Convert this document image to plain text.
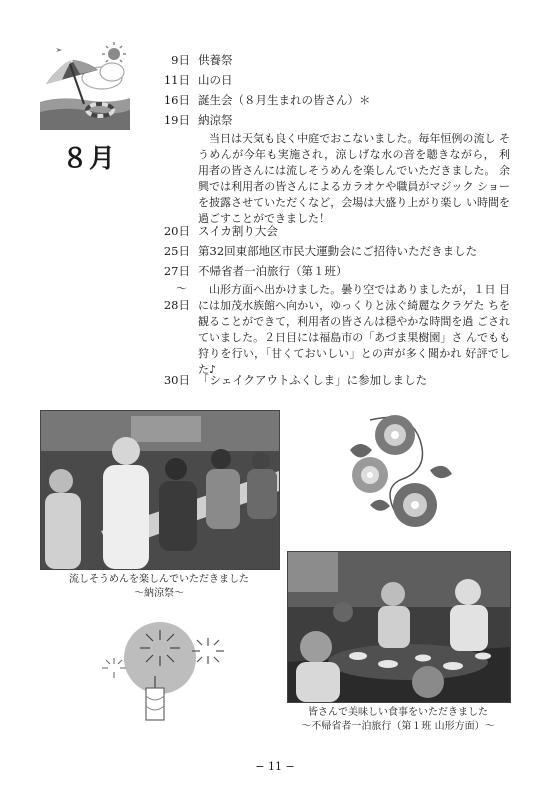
８月
9日 供養祭
11日 山の日
16日 誕生会（８月生まれの皆さん）＊
19日 納涼祭
当日は天気も良く中庭でおこないました。毎年恒例の流し そうめんが今年も実施され，涼しげな水の音を聴きながら， 利用者の皆さんには流しそうめんを楽しんでいただきました。 余興では利用者の皆さんによるカラオケや職員がマジック ショーを披露させていただくなど，会場は大盛り上がり楽し い時間を過ごすことができました！
20日 スイカ割り大会
25日 第32回東部地区市民大運動会にご招待いただきました
27日 不帰省者一泊旅行（第１班）
〜
28日
山形方面へ出かけました。曇り空ではありましたが，１日 目には加茂水族館へ向かい，ゆっくりと泳ぐ綺麗なクラゲた ちを観ることができて，利用者の皆さんは穏やかな時間を過 ごされていました。２日目には福島市の「あづま果樹園」さ んでもも狩りを行い，「甘くておいしい」との声が多く聞かれ 好評でした♪
30日 「シェイクアウトふくしま」に参加しました
流しそうめんを楽しんでいただきました
〜納涼祭〜
皆さんで美味しい食事をいただきました
〜不帰省者一泊旅行（第１班 山形方面）〜
− 11 −
